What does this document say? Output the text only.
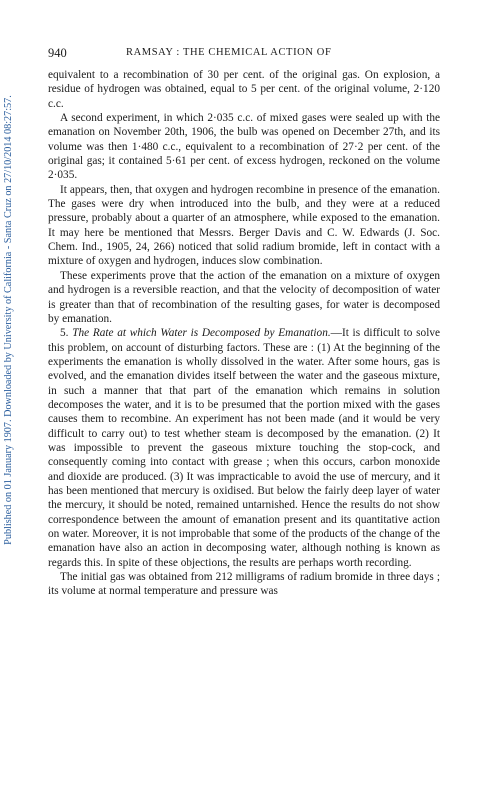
Published on 01 January 1907. Downloaded by University of California - Santa Cruz on 27/10/2014 08:27:57.
940	RAMSAY : THE CHEMICAL ACTION OF

equivalent to a recombination of 30 per cent. of the original gas. On explosion, a residue of hydrogen was obtained, equal to 5 per cent. of the original volume, 2·120 c.c.

A second experiment, in which 2·035 c.c. of mixed gases were sealed up with the emanation on November 20th, 1906, the bulb was opened on December 27th, and its volume was then 1·480 c.c., equivalent to a recombination of 27·2 per cent. of the original gas; it contained 5·61 per cent. of excess hydrogen, reckoned on the volume 2·035.

It appears, then, that oxygen and hydrogen recombine in presence of the emanation. The gases were dry when introduced into the bulb, and they were at a reduced pressure, probably about a quarter of an atmosphere, while exposed to the emanation. It may here be mentioned that Messrs. Berger Davis and C. W. Edwards (J. Soc. Chem. Ind., 1905, 24, 266) noticed that solid radium bromide, left in contact with a mixture of oxygen and hydrogen, induces slow combination.

These experiments prove that the action of the emanation on a mixture of oxygen and hydrogen is a reversible reaction, and that the velocity of decomposition of water is greater than that of recombination of the resulting gases, for water is decomposed by emanation.

5. The Rate at which Water is Decomposed by Emanation.—It is difficult to solve this problem, on account of disturbing factors. These are : (1) At the beginning of the experiments the emanation is wholly dissolved in the water. After some hours, gas is evolved, and the emanation divides itself between the water and the gaseous mixture, in such a manner that that part of the emanation which remains in solution decomposes the water, and it is to be presumed that the portion mixed with the gases causes them to recombine. An experiment has not been made (and it would be very difficult to carry out) to test whether steam is decomposed by the emanation. (2) It was impossible to prevent the gaseous mixture touching the stop-cock, and consequently coming into contact with grease ; when this occurs, carbon monoxide and dioxide are produced. (3) It was impracticable to avoid the use of mercury, and it has been mentioned that mercury is oxidised. But below the fairly deep layer of water the mercury, it should be noted, remained untarnished. Hence the results do not show correspondence between the amount of emanation present and its quantitative action on water. Moreover, it is not improbable that some of the products of the change of the emanation have also an action in decomposing water, although nothing is known as regards this. In spite of these objections, the results are perhaps worth recording.

The initial gas was obtained from 212 milligrams of radium bromide in three days ; its volume at normal temperature and pressure was
